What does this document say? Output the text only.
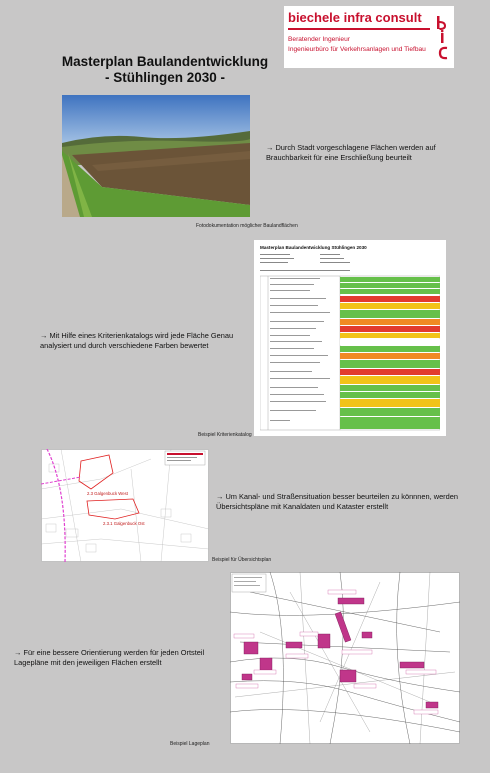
Masterplan Baulandentwicklung
- Stühlingen 2030 -
biechele infra consult
Beratender Ingenieur
Ingenieurbüro für Verkehrsanlagen und Tiefbau
Fotodokumentation möglicher Baulandflächen
→ Durch Stadt vorgeschlagene Flächen werden auf Brauchbarkeit für eine Erschließung beurteilt
→ Mit Hilfe eines Kriterienkatalogs wird jede Fläche Genau analysiert und durch verschiedene Farben bewertet
Beispiel Kriterienkatalog
Masterplan Baulandentwicklung Stühlingen 2030
2.3 Galgenbuck West
2.3.1 Galgenbuck Ost
Beispiel für Übersichtsplan
→ Um Kanal- und Straßensituation besser beurteilen zu könnnen, werden Übersichtspläne mit Kanaldaten und Kataster erstellt
Beispiel Lageplan
→ Für eine bessere Orientierung werden für jeden Ortsteil Lagepläne mit den jeweiligen Flächen erstellt
